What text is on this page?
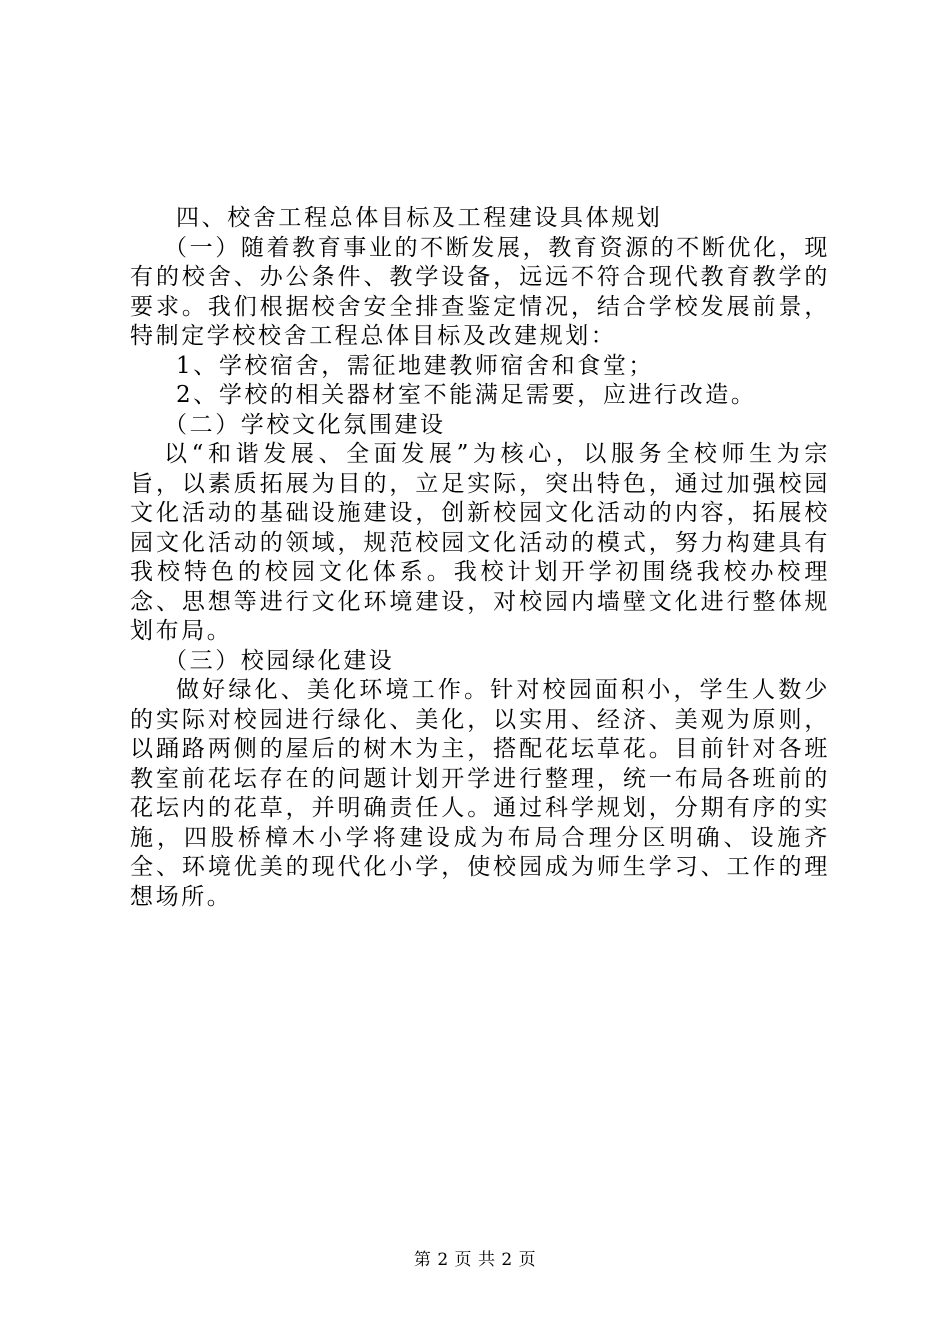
四、校舍工程总体目标及工程建设具体规划

（一）随着教育事业的不断发展，教育资源的不断优化，现有的校舍、办公条件、教学设备，远远不符合现代教育教学的要求。我们根据校舍安全排查鉴定情况，结合学校发展前景，特制定学校校舍工程总体目标及改建规划：

1、学校宿舍，需征地建教师宿舍和食堂；

2、学校的相关器材室不能满足需要，应进行改造。

（二）学校文化氛围建设

以“和谐发展、全面发展”为核心，以服务全校师生为宗旨，以素质拓展为目的，立足实际，突出特色，通过加强校园文化活动的基础设施建设，创新校园文化活动的内容，拓展校园文化活动的领域，规范校园文化活动的模式，努力构建具有我校特色的校园文化体系。我校计划开学初围绕我校办校理念、思想等进行文化环境建设，对校园内墙壁文化进行整体规划布局。

（三）校园绿化建设

做好绿化、美化环境工作。针对校园面积小，学生人数少的实际对校园进行绿化、美化，以实用、经济、美观为原则，以踊路两侧的屋后的树木为主，搭配花坛草花。目前针对各班教室前花坛存在的问题计划开学进行整理，统一布局各班前的花坛内的花草，并明确责任人。通过科学规划，分期有序的实施，四股桥樟木小学将建设成为布局合理分区明确、设施齐全、环境优美的现代化小学，使校园成为师生学习、工作的理想场所。

第 2 页 共 2 页
